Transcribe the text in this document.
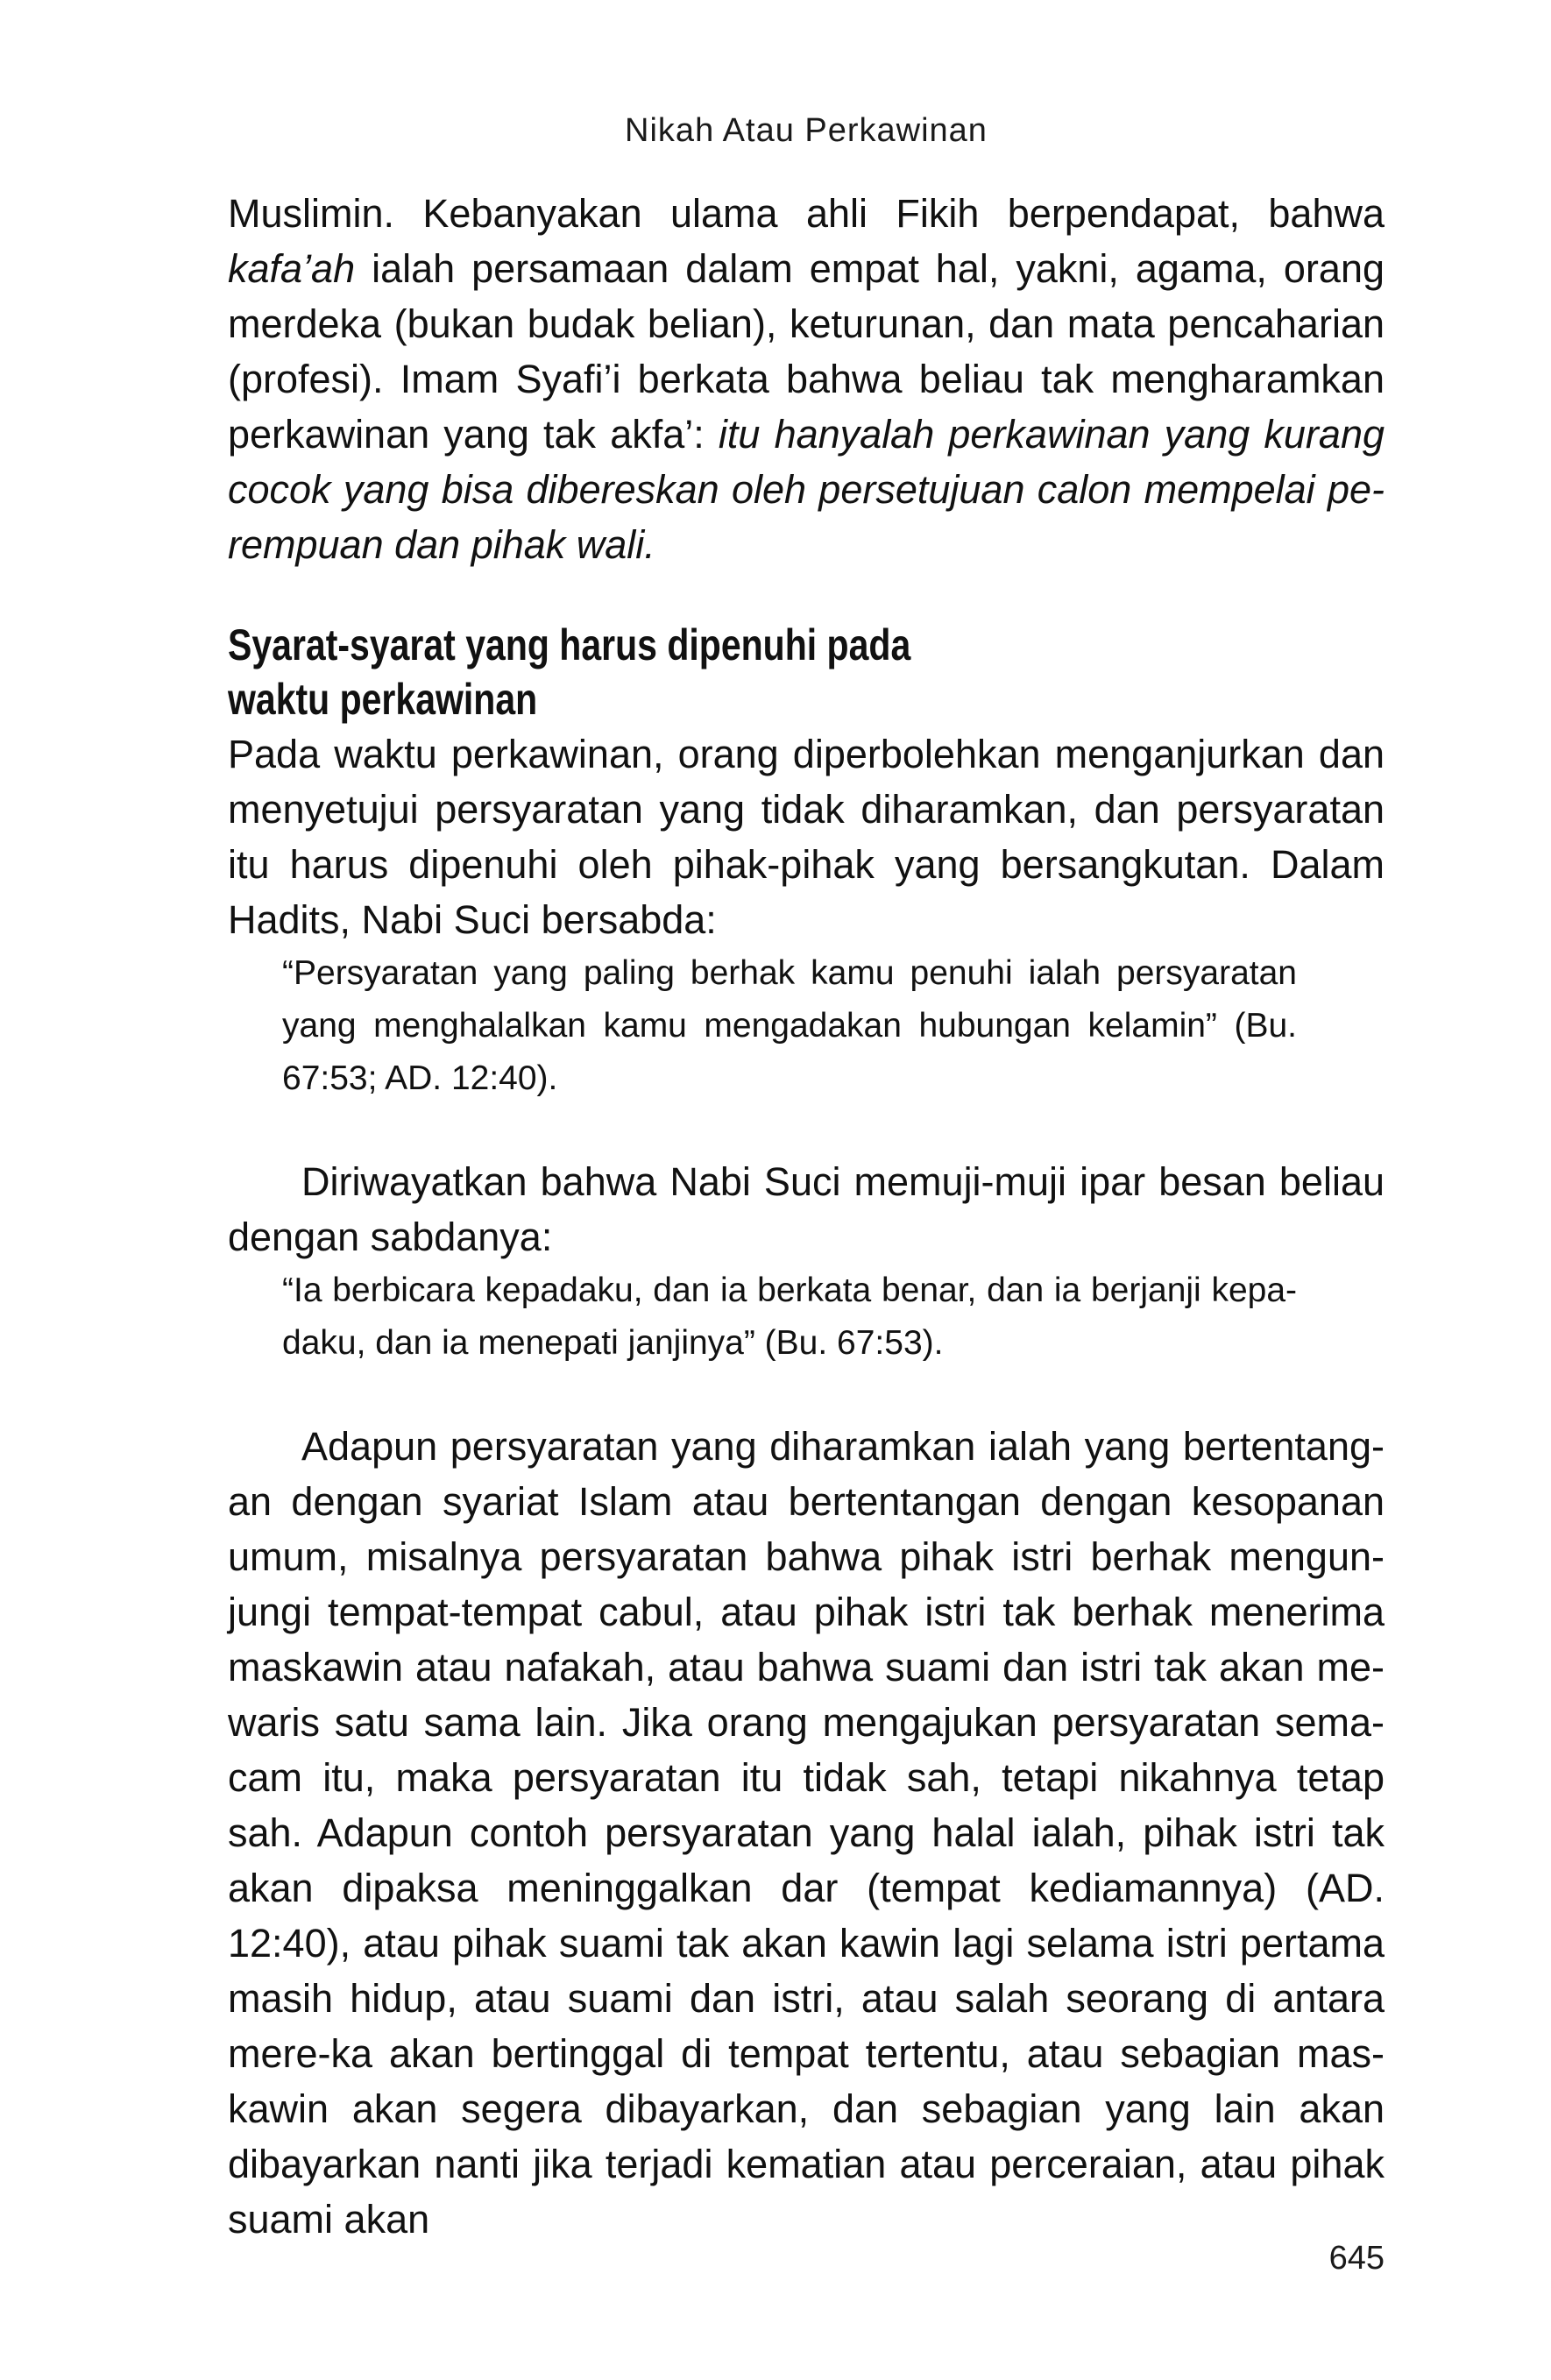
Nikah Atau Perkawinan

Muslimin. Kebanyakan ulama ahli Fikih berpendapat, bahwa kafa’ah ialah persamaan dalam empat hal, yakni, agama, orang merdeka (bukan budak belian), keturunan, dan mata pencaharian (profesi). Imam Syafi’i berkata bahwa beliau tak mengharamkan perkawinan yang tak akfa’: itu hanyalah perkawinan yang kurang cocok yang bisa dibereskan oleh persetujuan calon mempelai pe-rempuan dan pihak wali.

Syarat-syarat yang harus dipenuhi pada
waktu perkawinan

Pada waktu perkawinan, orang diperbolehkan menganjurkan dan menyetujui persyaratan yang tidak diharamkan, dan persyaratan itu harus dipenuhi oleh pihak-pihak yang bersangkutan. Dalam Hadits, Nabi Suci bersabda:

“Persyaratan yang paling berhak kamu penuhi ialah persyaratan yang menghalalkan kamu mengadakan hubungan kelamin” (Bu. 67:53; AD. 12:40).

Diriwayatkan bahwa Nabi Suci memuji-muji ipar besan beliau dengan sabdanya:

“Ia berbicara kepadaku, dan ia berkata benar, dan ia berjanji kepa-daku, dan ia menepati janjinya” (Bu. 67:53).

Adapun persyaratan yang diharamkan ialah yang bertentang-an dengan syariat Islam atau bertentangan dengan kesopanan umum, misalnya persyaratan bahwa pihak istri berhak mengun-jungi tempat-tempat cabul, atau pihak istri tak berhak menerima maskawin atau nafakah, atau bahwa suami dan istri tak akan me-waris satu sama lain. Jika orang mengajukan persyaratan sema-cam itu, maka persyaratan itu tidak sah, tetapi nikahnya tetap sah. Adapun contoh persyaratan yang halal ialah, pihak istri tak akan dipaksa meninggalkan dar (tempat kediamannya) (AD. 12:40), atau pihak suami tak akan kawin lagi selama istri pertama masih hidup, atau suami dan istri, atau salah seorang di antara mere-ka akan bertinggal di tempat tertentu, atau sebagian mas-kawin akan segera dibayarkan, dan sebagian yang lain akan dibayarkan nanti jika terjadi kematian atau perceraian, atau pihak suami akan

645
